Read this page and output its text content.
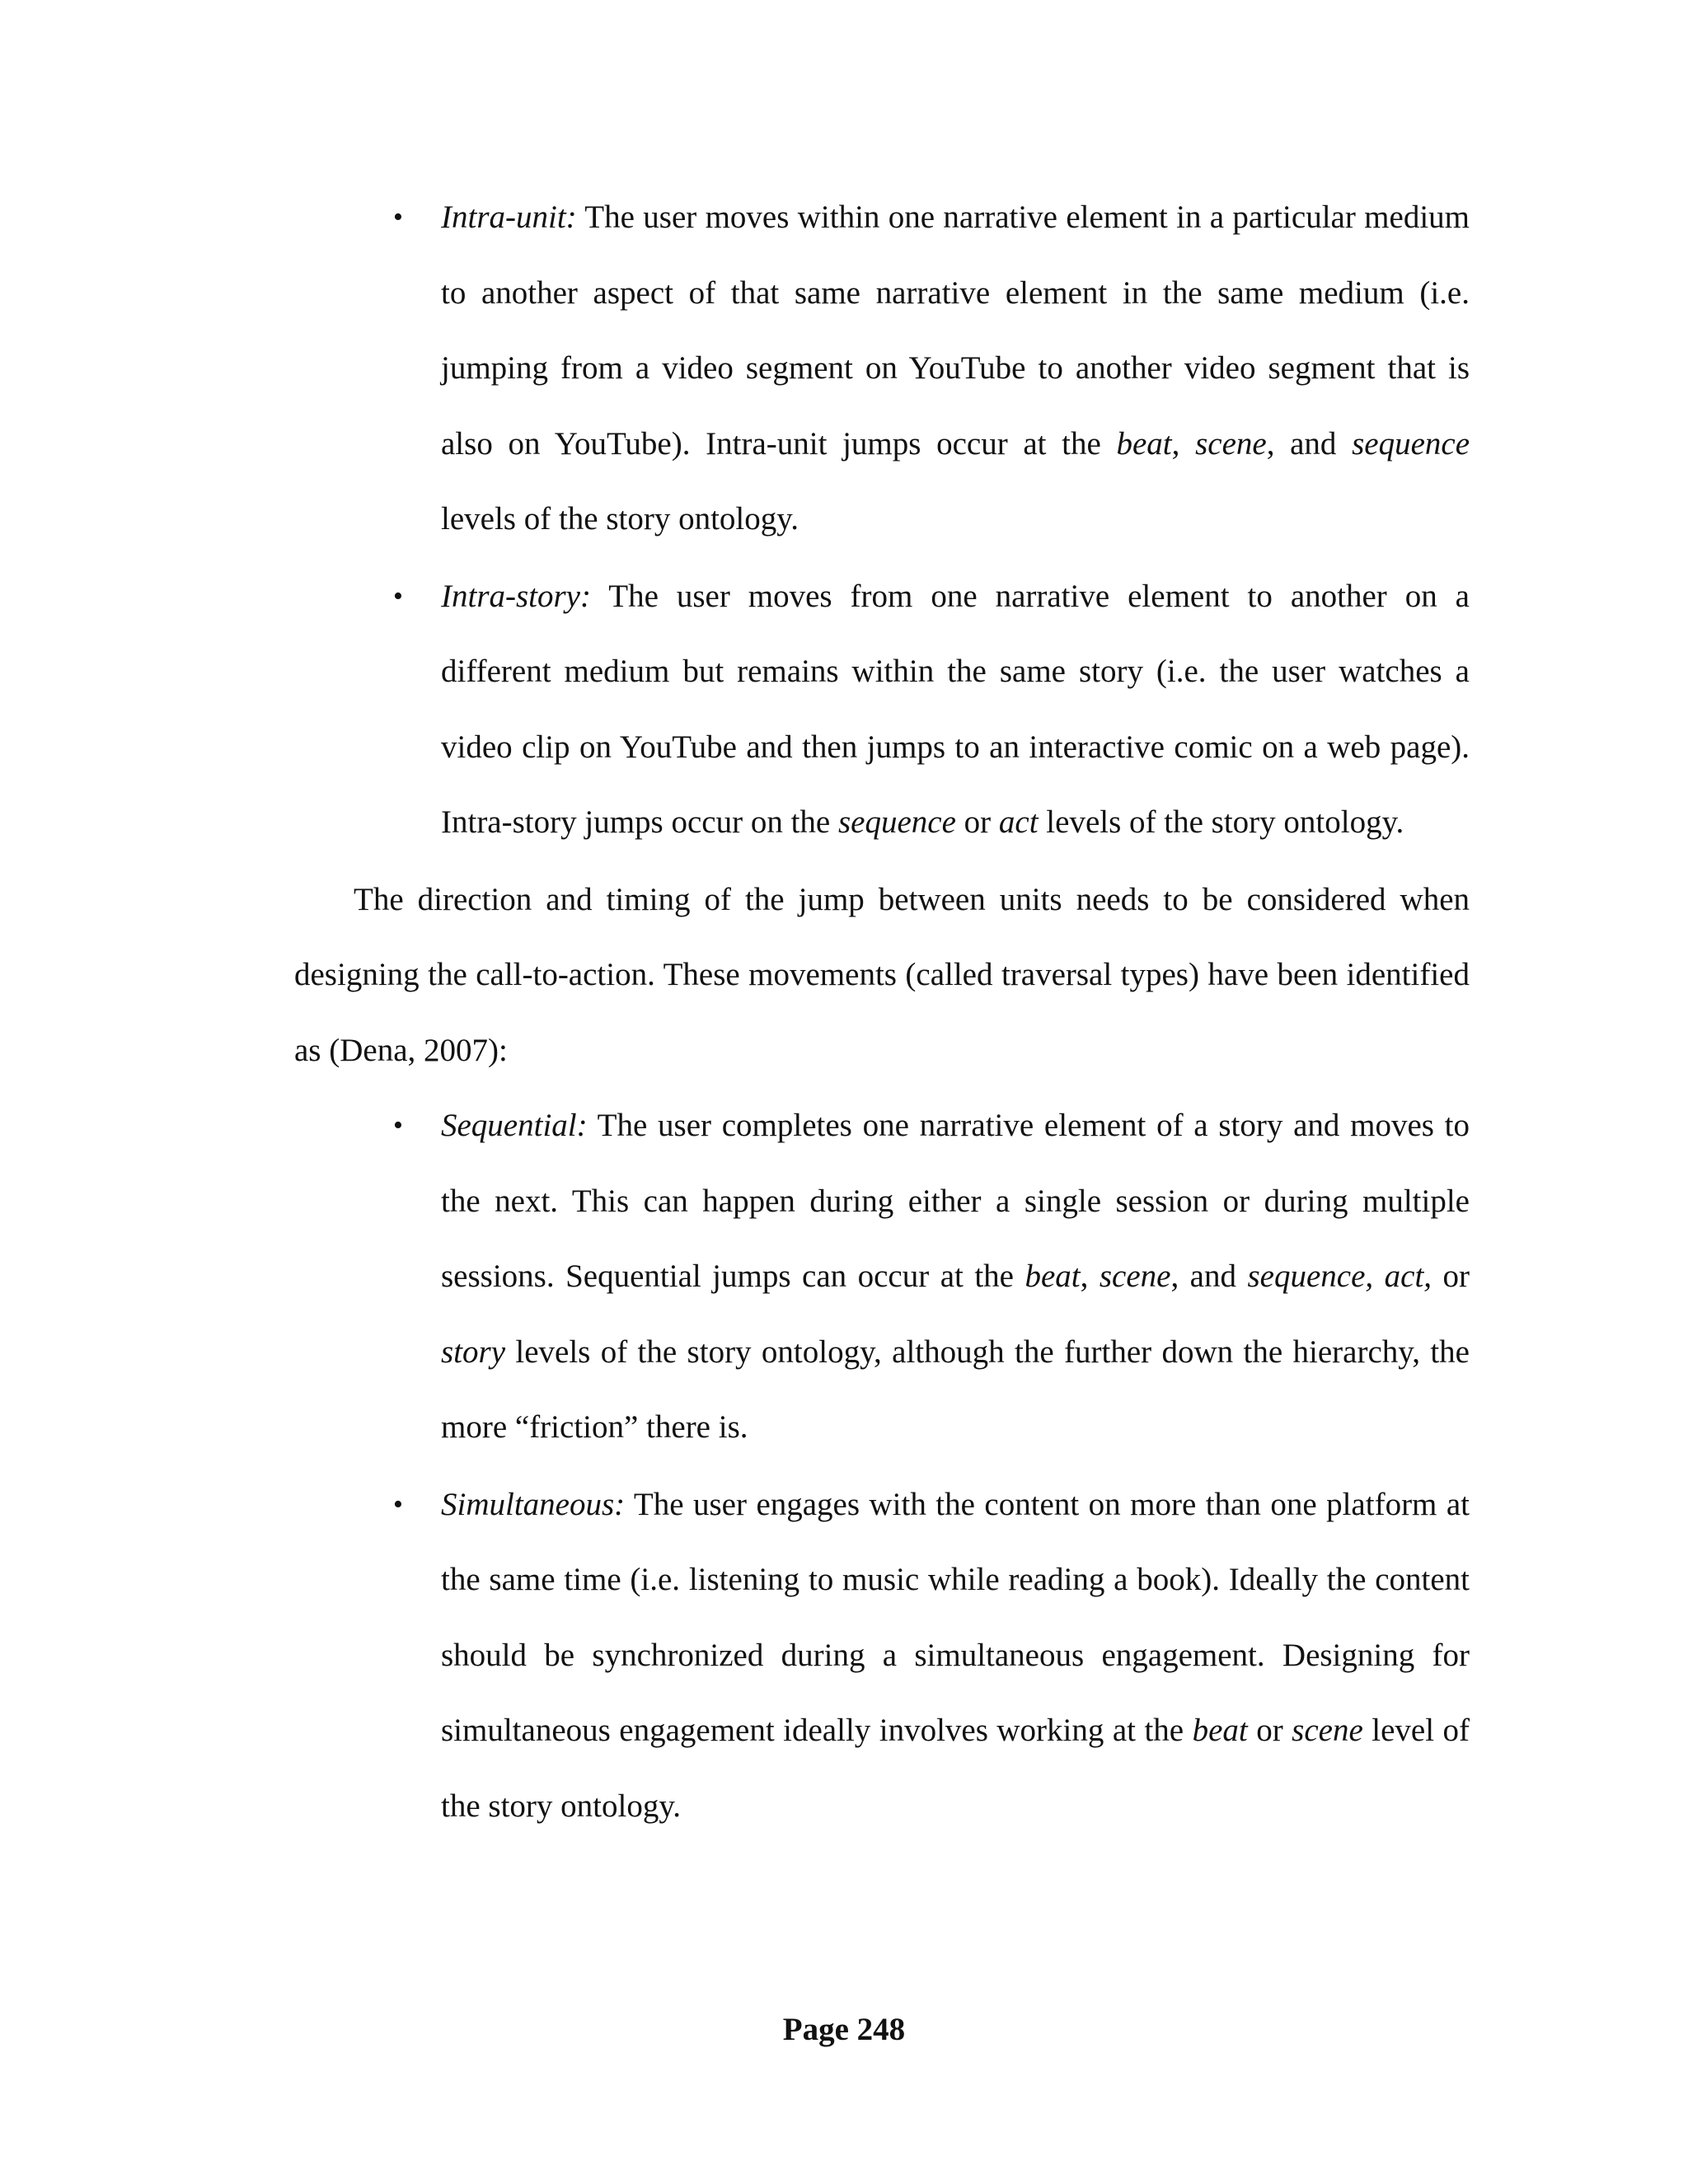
• Intra-unit: The user moves within one narrative element in a particular medium to another aspect of that same narrative element in the same medium (i.e. jumping from a video segment on YouTube to another video segment that is also on YouTube). Intra-unit jumps occur at the beat, scene, and sequence levels of the story ontology.
• Intra-story: The user moves from one narrative element to another on a different medium but remains within the same story (i.e. the user watches a video clip on YouTube and then jumps to an interactive comic on a web page). Intra-story jumps occur on the sequence or act levels of the story ontology.

The direction and timing of the jump between units needs to be considered when designing the call-to-action. These movements (called traversal types) have been identified as (Dena, 2007):

• Sequential: The user completes one narrative element of a story and moves to the next. This can happen during either a single session or during multiple sessions. Sequential jumps can occur at the beat, scene, and sequence, act, or story levels of the story ontology, although the further down the hierarchy, the more “friction” there is.
• Simultaneous: The user engages with the content on more than one platform at the same time (i.e. listening to music while reading a book). Ideally the content should be synchronized during a simultaneous engagement. Designing for simultaneous engagement ideally involves working at the beat or scene level of the story ontology.
Page 248
